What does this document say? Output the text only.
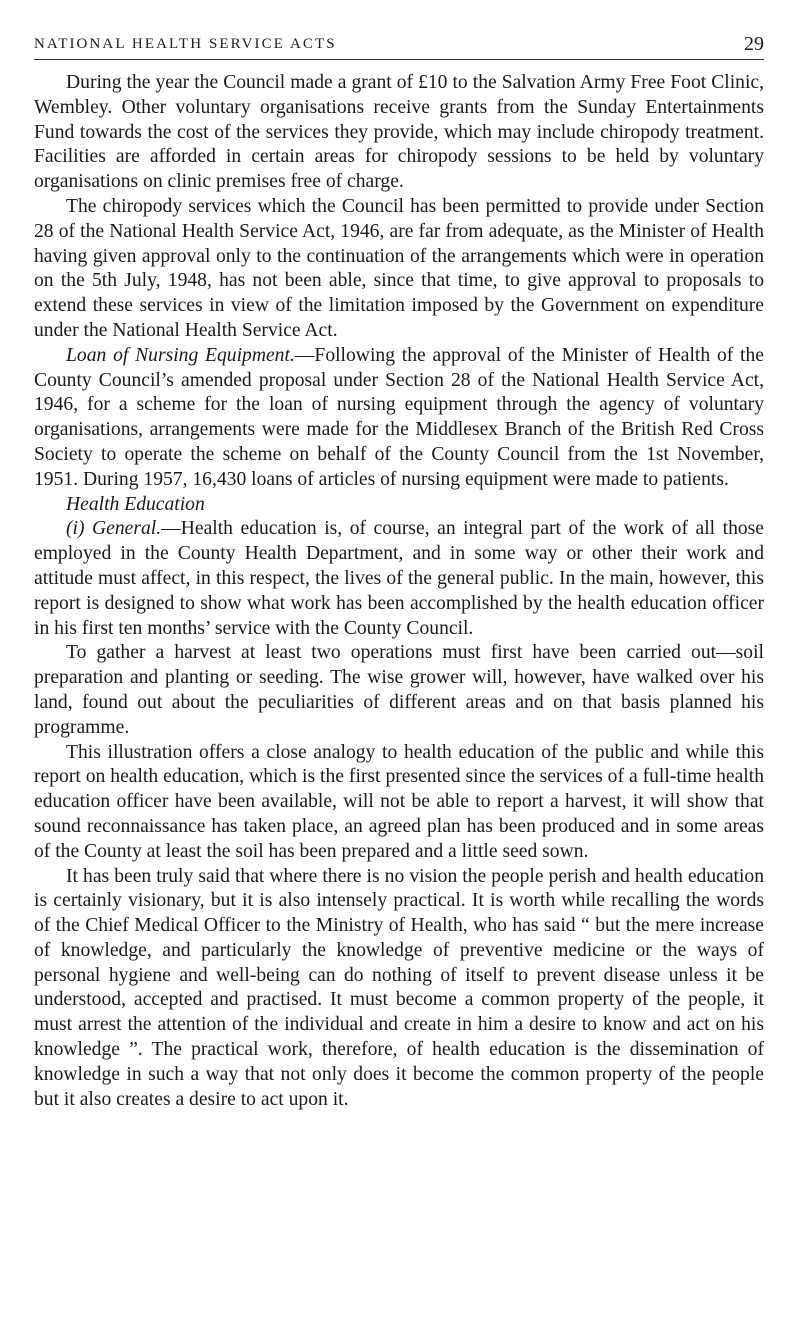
NATIONAL HEALTH SERVICE ACTS	29

During the year the Council made a grant of £10 to the Salvation Army Free Foot Clinic, Wembley. Other voluntary organisations receive grants from the Sunday Entertainments Fund towards the cost of the services they provide, which may include chiropody treatment. Facilities are afforded in certain areas for chiropody sessions to be held by voluntary organisations on clinic premises free of charge.

The chiropody services which the Council has been permitted to provide under Section 28 of the National Health Service Act, 1946, are far from adequate, as the Minister of Health having given approval only to the continuation of the arrangements which were in operation on the 5th July, 1948, has not been able, since that time, to give approval to proposals to extend these services in view of the limitation imposed by the Government on expenditure under the National Health Service Act.

Loan of Nursing Equipment.—Following the approval of the Minister of Health of the County Council’s amended proposal under Section 28 of the National Health Service Act, 1946, for a scheme for the loan of nursing equipment through the agency of voluntary organisations, arrangements were made for the Middlesex Branch of the British Red Cross Society to operate the scheme on behalf of the County Council from the 1st November, 1951. During 1957, 16,430 loans of articles of nursing equipment were made to patients.

Health Education

(i) General.—Health education is, of course, an integral part of the work of all those employed in the County Health Department, and in some way or other their work and attitude must affect, in this respect, the lives of the general public. In the main, however, this report is designed to show what work has been accomplished by the health education officer in his first ten months’ service with the County Council.

To gather a harvest at least two operations must first have been carried out—soil preparation and planting or seeding. The wise grower will, however, have walked over his land, found out about the peculiarities of different areas and on that basis planned his programme.

This illustration offers a close analogy to health education of the public and while this report on health education, which is the first presented since the services of a full-time health education officer have been available, will not be able to report a harvest, it will show that sound reconnaissance has taken place, an agreed plan has been produced and in some areas of the County at least the soil has been prepared and a little seed sown.

It has been truly said that where there is no vision the people perish and health education is certainly visionary, but it is also intensely practical. It is worth while recalling the words of the Chief Medical Officer to the Ministry of Health, who has said “ but the mere increase of knowledge, and particularly the knowledge of preventive medicine or the ways of personal hygiene and well-being can do nothing of itself to prevent disease unless it be understood, accepted and practised. It must become a common property of the people, it must arrest the attention of the individual and create in him a desire to know and act on his knowledge ”. The practical work, therefore, of health education is the dissemination of knowledge in such a way that not only does it become the common property of the people but it also creates a desire to act upon it.
